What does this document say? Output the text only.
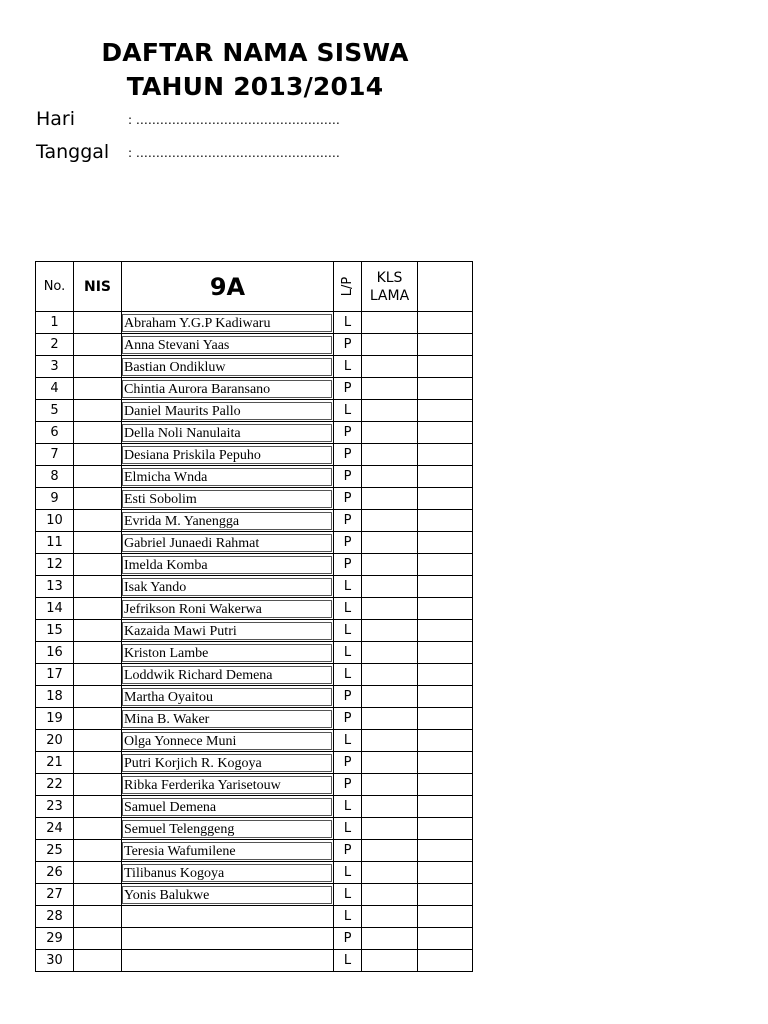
DAFTAR NAMA SISWA
TAHUN 2013/2014
Hari	: ……………………………………………
Tanggal : ……………………………………………
No.	NIS	9A	L/P	KLS
LAMA	
1		Abraham Y.G.P Kadiwaru	L		
2		Anna Stevani Yaas	P		
3		Bastian Ondikluw	L		
4		Chintia Aurora Baransano	P		
5		Daniel Maurits Pallo	L		
6		Della Noli Nanulaita	P		
7		Desiana Priskila Pepuho	P		
8		Elmicha Wnda	P		
9		Esti Sobolim	P		
10		Evrida M. Yanengga	P		
11		Gabriel Junaedi Rahmat	P		
12		Imelda Komba	P		
13		Isak Yando	L		
14		Jefrikson Roni Wakerwa	L		
15		Kazaida Mawi Putri	L		
16		Kriston Lambe	L		
17		Loddwik Richard Demena	L		
18		Martha Oyaitou	P		
19		Mina B. Waker	P		
20		Olga Yonnece Muni	L		
21		Putri Korjich R. Kogoya	P		
22		Ribka Ferderika Yarisetouw	P		
23		Samuel Demena	L		
24		Semuel Telenggeng	L		
25		Teresia Wafumilene	P		
26		Tilibanus Kogoya	L		
27		Yonis Balukwe	L		
28			L		
29			P		
30			L		
